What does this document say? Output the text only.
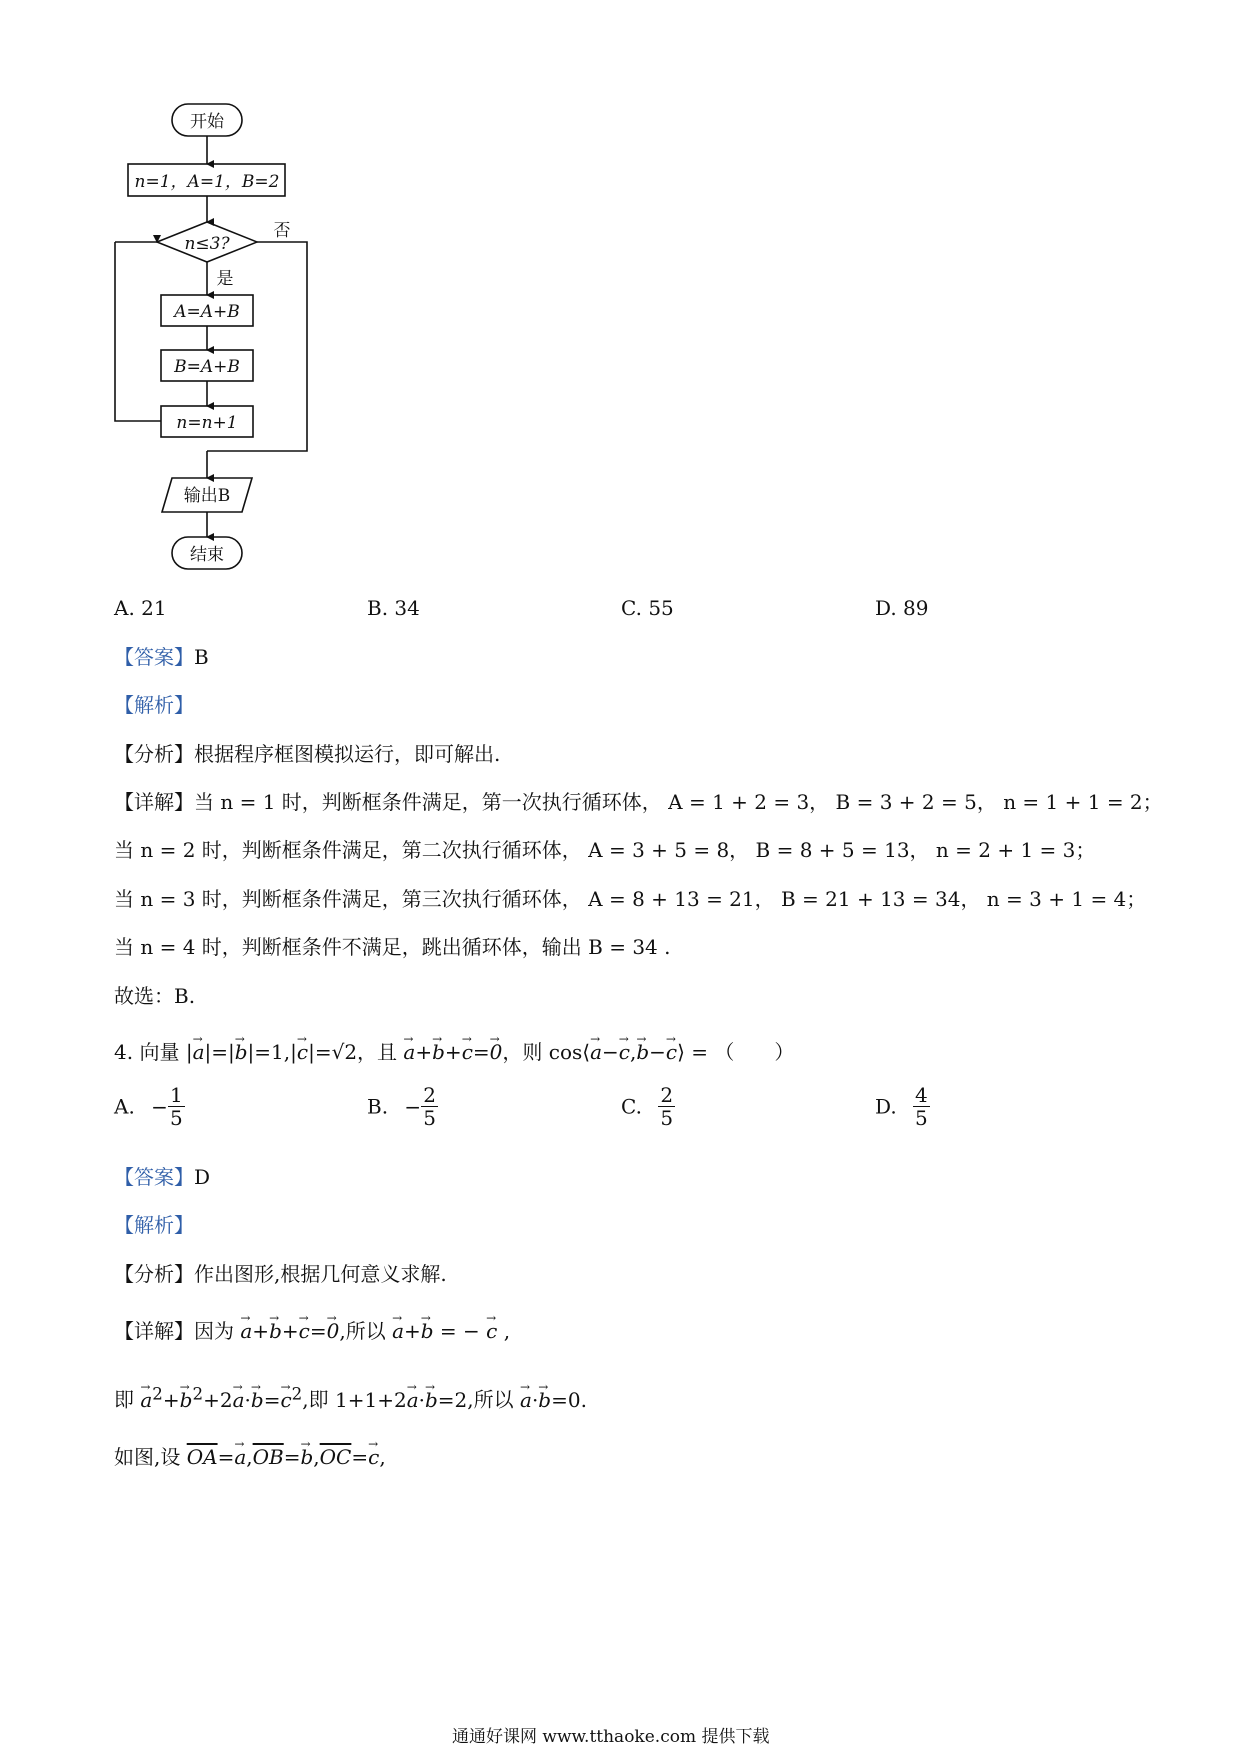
开始
n=1，A=1，B=2
n≤3?
否
是
A=A+B
B=A+B
n=n+1
输出B
结束
A. 21	B. 34	C. 55	D. 89
【答案】B
【解析】
【分析】根据程序框图模拟运行，即可解出.
【详解】当 n = 1 时，判断框条件满足，第一次执行循环体， A = 1 + 2 = 3， B = 3 + 2 = 5， n = 1 + 1 = 2；
当 n = 2 时，判断框条件满足，第二次执行循环体， A = 3 + 5 = 8， B = 8 + 5 = 13， n = 2 + 1 = 3；
当 n = 3 时，判断框条件满足，第三次执行循环体， A = 8 + 13 = 21， B = 21 + 13 = 34， n = 3 + 1 = 4；
当 n = 4 时，判断框条件不满足，跳出循环体，输出 B = 34 .
故选：B.
4. 向量 |→ a|=|→ b|=1,|→ c|=√2，且 → a+→ b+→ c=→ 0，则 cos⟨→ a−→ c,→ b−→ c⟩ = （　　）
A. − $\frac{1}{5}$	B. − $\frac{2}{5}$	C. $\frac{2}{5}$	D. $\frac{4}{5}$
【答案】D
【解析】
【分析】作出图形,根据几何意义求解.
【详解】因为 → a+→ b+→ c=→ 0,所以 → a+→ b = − → c ,
即 → $a^2+\to b^2+2\to a\cdot\to b=\to c^2$,即 1+1+2→ a·→ b=2,所以 → a·→ b=0.
如图,设 $\overline{OA}=\to a,\overline{OB}=\to b,\overline{OC}=\to c$,
通通好课网 www.tthaoke.com 提供下载
